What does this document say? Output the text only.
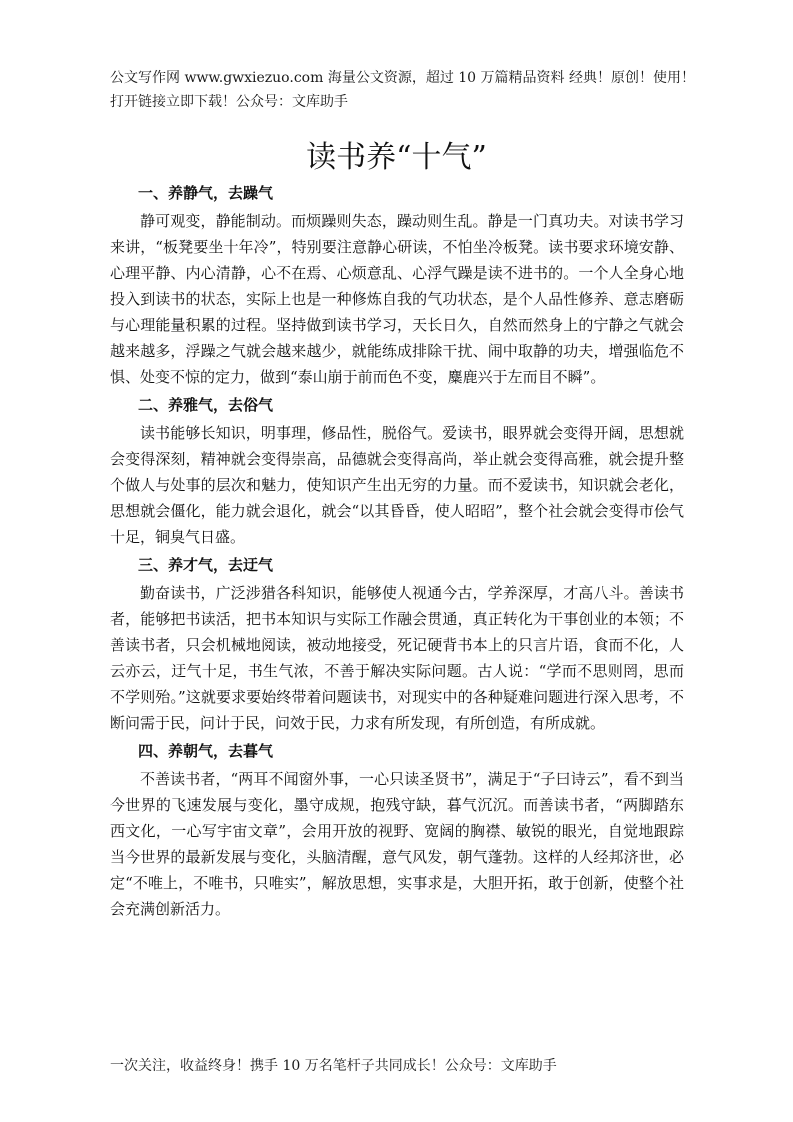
公文写作网 www.gwxiezuo.com 海量公文资源，超过 10 万篇精品资料 经典！原创！使用！打开链接立即下载！公众号：文库助手
读书养“十气”
一、养静气，去躁气

静可观变，静能制动。而烦躁则失态，躁动则生乱。静是一门真功夫。对读书学习来讲，“板凳要坐十年冷”，特别要注意静心研读，不怕坐冷板凳。读书要求环境安静、心理平静、内心清静，心不在焉、心烦意乱、心浮气躁是读不进书的。一个人全身心地投入到读书的状态，实际上也是一种修炼自我的气功状态，是个人品性修养、意志磨砺与心理能量积累的过程。坚持做到读书学习，天长日久，自然而然身上的宁静之气就会越来越多，浮躁之气就会越来越少，就能练成排除干扰、闹中取静的功夫，增强临危不惧、处变不惊的定力，做到“泰山崩于前而色不变，麋鹿兴于左而目不瞬”。

二、养雅气，去俗气

读书能够长知识，明事理，修品性，脱俗气。爱读书，眼界就会变得开阔，思想就会变得深刻，精神就会变得崇高，品德就会变得高尚，举止就会变得高雅，就会提升整个做人与处事的层次和魅力，使知识产生出无穷的力量。而不爱读书，知识就会老化，思想就会僵化，能力就会退化，就会“以其昏昏，使人昭昭”，整个社会就会变得市侩气十足，铜臭气日盛。

三、养才气，去迂气

勤奋读书，广泛涉猎各科知识，能够使人视通今古，学养深厚，才高八斗。善读书者，能够把书读活，把书本知识与实际工作融会贯通，真正转化为干事创业的本领；不善读书者，只会机械地阅读，被动地接受，死记硬背书本上的只言片语，食而不化，人云亦云，迂气十足，书生气浓，不善于解决实际问题。古人说：“学而不思则罔，思而不学则殆。”这就要求要始终带着问题读书，对现实中的各种疑难问题进行深入思考，不断问需于民，问计于民，问效于民，力求有所发现，有所创造，有所成就。

四、养朝气，去暮气

不善读书者，“两耳不闻窗外事，一心只读圣贤书”，满足于“子曰诗云”，看不到当今世界的飞速发展与变化，墨守成规，抱残守缺，暮气沉沉。而善读书者，“两脚踏东西文化，一心写宇宙文章”，会用开放的视野、宽阔的胸襟、敏锐的眼光，自觉地跟踪当今世界的最新发展与变化，头脑清醒，意气风发，朝气蓬勃。这样的人经邦济世，必定“不唯上，不唯书，只唯实”，解放思想，实事求是，大胆开拓，敢于创新，使整个社会充满创新活力。

一次关注，收益终身！携手 10 万名笔杆子共同成长！公众号：文库助手
